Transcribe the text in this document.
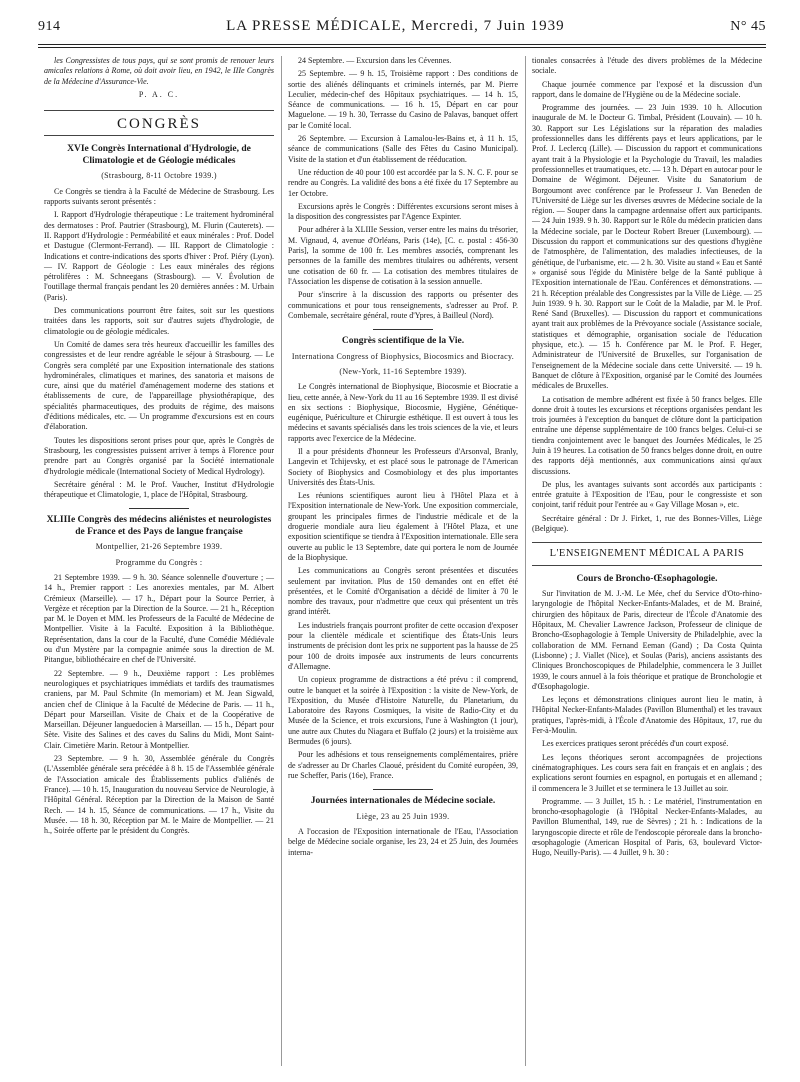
914	LA PRESSE MÉDICALE, Mercredi, 7 Juin 1939	N° 45

les Congressistes de tous pays, qui se sont promis de renouer leurs amicales relations à Rome, où doit avoir lieu, en 1942, le IIIe Congrès de la Médecine d'Assurance-Vie.

P. A. C.
CONGRÈS
XVIe Congrès International d'Hydrologie, de Climatologie et de Géologie médicales
(Strasbourg, 8-11 Octobre 1939.)

Ce Congrès se tiendra à la Faculté de Médecine de Strasbourg. Les rapports suivants seront présentés :

I. Rapport d'Hydrologie thérapeutique : Le traitement hydrominéral des dermatoses : Prof. Pautrier (Strasbourg), M. Flurin (Cauterets). — II. Rapport d'Hydrologie : Perméabilité et eaux minérales : Prof. Dodel et Dastugue (Clermont-Ferrand). — III. Rapport de Climatologie : Indications et contre-indications des sports d'hiver : Prof. Piéry (Lyon). — IV. Rapport de Géologie : Les eaux minérales des régions pétrolifères : M. Schneegans (Strasbourg). — V. Évolution de l'outillage thermal français pendant les 20 dernières années : M. Urbain (Paris).

Des communications pourront être faites, soit sur les questions traitées dans les rapports, soit sur d'autres sujets d'hydrologie, de climatologie ou de géologie médicales.

Un Comité de dames sera très heureux d'accueillir les familles des congressistes et de leur rendre agréable le séjour à Strasbourg. — Le Congrès sera complété par une Exposition internationale des stations hydrominérales, climatiques et marines, des sanatoria et maisons de cure, ainsi que du matériel d'aménagement moderne des stations et établissements de cure, de l'appareillage physiothérapique, des spécialités pharmaceutiques, des produits de régime, des maisons d'éditions médicales, etc. — Un programme d'excursions est en cours d'élaboration.

Toutes les dispositions seront prises pour que, après le Congrès de Strasbourg, les congressistes puissent arriver à temps à Florence pour prendre part au Congrès organisé par la Société internationale d'hydrologie médicale (International Society of Medical Hydrology).

Secrétaire général : M. le Prof. Vaucher, Institut d'Hydrologie thérapeutique et Climatologie, 1, place de l'Hôpital, Strasbourg.

XLIIIe Congrès des médecins aliénistes et neurologistes de France et des Pays de langue française
Montpellier, 21-26 Septembre 1939.
Programme du Congrès :

21 Septembre 1939. — 9 h. 30. Séance solennelle d'ouverture ; — 14 h., Premier rapport : Les anorexies mentales, par M. Albert Crémieux (Marseille). — 17 h., Départ pour la Source Perrier, à Vergèze et réception par la Direction de la Source. — 21 h., Réception par M. le Doyen et MM. les Professeurs de la Faculté de Médecine de Montpellier. Visite à la Faculté. Exposition à la Bibliothèque. Représentation, dans la cour de la Faculté, d'une Comédie Médiévale ou d'un Mystère par la compagnie animée sous la direction de M. Pitangue, bibliothécaire en chef de l'Université.

22 Septembre. — 9 h., Deuxième rapport : Les problèmes neurologiques et psychiatriques immédiats et tardifs des traumatismes craniens, par M. Paul Schmite (In memoriam) et M. Jean Sigwald, ancien chef de Clinique à la Faculté de Médecine de Paris. — 11 h., Départ pour Marseillan. Visite de Chaix et de la Coopérative de Marseillan. Déjeuner languedocien à Marseillan. — 15 h., Départ pour Sète. Visite des Salines et des caves du Salins du Midi, Mont Saint-Clair. Cimetière Marin. Retour à Montpellier.

23 Septembre. — 9 h. 30, Assemblée générale du Congrès (L'Assemblée générale sera précédée à 8 h. 15 de l'Assemblée générale de l'Association amicale des Établissements publics d'aliénés de France). — 10 h. 15, Inauguration du nouveau Service de Neurologie, à l'Hôpital Général. Réception par la Direction de la Maison de Santé Rech. — 14 h. 15, Séance de communications. — 17 h., Visite du Musée. — 18 h. 30, Réception par M. le Maire de Montpellier. — 21 h., Soirée offerte par le président du Congrès.

24 Septembre. — Excursion dans les Cévennes.

25 Septembre. — 9 h. 15, Troisième rapport : Des conditions de sortie des aliénés délinquants et criminels internés, par M. Pierre Leculier, médecin-chef des Hôpitaux psychiatriques. — 14 h. 15, Séance de communications. — 16 h. 15, Départ en car pour Maguelone. — 19 h. 30, Terrasse du Casino de Palavas, banquet offert par le Comité local.

26 Septembre. — Excursion à Lamalou-les-Bains et, à 11 h. 15, séance de communications (Salle des Fêtes du Casino Municipal). Visite de la station et d'un établissement de rééducation.

Une réduction de 40 pour 100 est accordée par la S. N. C. F. pour se rendre au Congrès. La validité des bons a été fixée du 17 Septembre au 1er Octobre.

Excursions après le Congrès : Différentes excursions seront mises à la disposition des congressistes par l'Agence Expinter.

Pour adhérer à la XLIIIe Session, verser entre les mains du trésorier, M. Vignaud, 4, avenue d'Orléans, Paris (14e), [C. c. postal : 456-30 Paris], la somme de 100 fr. Les membres associés, comprenant les personnes de la famille des membres titulaires ou adhérents, versent une cotisation de 60 fr. — La cotisation des membres titulaires de l'Association les dispense de cotisation à la session annuelle.

Pour s'inscrire à la discussion des rapports ou présenter des communications et pour tous renseignements, s'adresser au Prof. P. Combemale, secrétaire général, route d'Ypres, à Bailleul (Nord).

Congrès scientifique de la Vie.
Internationa Congress of Biophysics, Biocosmics and Biocracy.
(New-York, 11-16 Septembre 1939).

Le Congrès international de Biophysique, Biocosmie et Biocratie a lieu, cette année, à New-York du 11 au 16 Septembre 1939. Il est divisé en six sections : Biophysique, Biocosmie, Hygiène, Génétique-eugénique, Puériculture et Chirurgie esthétique. Il est ouvert à tous les médecins et savants spécialisés dans les trois sciences de la vie, et leurs rapports avec l'exercice de la Médecine.

Il a pour présidents d'honneur les Professeurs d'Arsonval, Branly, Langevin et Tchijevsky, et est placé sous le patronage de l'American Society of Biophysics and Cosmobiology et des plus importantes Universités des États-Unis.

Les réunions scientifiques auront lieu à l'Hôtel Plaza et à l'Exposition internationale de New-York. Une exposition commerciale, groupant les principales firmes de l'industrie médicale et de la droguerie mondiale aura lieu également à l'Hôtel Plaza, et une exposition scientifique se tiendra à l'Exposition internationale. Elle sera ouverte au public le 13 Septembre, date qui portera le nom de Journée de la Biophysique.

Les communications au Congrès seront présentées et discutées seulement par invitation. Plus de 150 demandes ont en effet été présentées, et le Comité d'Organisation a décidé de limiter à 70 le nombre des travaux, pour n'admettre que ceux qui présentent un très grand intérêt.

Les industriels français pourront profiter de cette occasion d'exposer pour la clientèle médicale et scientifique des États-Unis leurs instruments de précision dont les prix ne supportent pas la hausse de 25 pour 100 de droits imposée aux instruments de leurs concurrents d'Allemagne.

Un copieux programme de distractions a été prévu : il comprend, outre le banquet et la soirée à l'Exposition : la visite de New-York, de l'Exposition, du Musée d'Histoire Naturelle, du Planetarium, du Laboratoire des Rayons Cosmiques, la visite de Radio-City et du Musée de la Science, et trois excursions, l'une à Washington (1 jour), une autre aux Chutes du Niagara et Buffalo (2 jours) et la troisième aux Bermudes (6 jours).

Pour les adhésions et tous renseignements complémentaires, prière de s'adresser au Dr Charles Claoué, président du Comité européen, 39, rue Scheffer, Paris (16e), France.

Journées internationales de Médecine sociale.
Liège, 23 au 25 Juin 1939.

A l'occasion de l'Exposition internationale de l'Eau, l'Association belge de Médecine sociale organise, les 23, 24 et 25 Juin, des Journées interna-

tionales consacrées à l'étude des divers problèmes de la Médecine sociale.

Chaque journée commence par l'exposé et la discussion d'un rapport, dans le domaine de l'Hygiène ou de la Médecine sociale.

Programme des journées. — 23 Juin 1939. 10 h. Allocution inaugurale de M. le Docteur G. Timbal, Président (Louvain). — 10 h. 30. Rapport sur Les Législations sur la réparation des maladies professionnelles dans les différents pays et leurs applications, par le Prof. J. Leclercq (Lille). — Discussion du rapport et communications ayant trait à la Physiologie et la Psychologie du Travail, les maladies professionnelles et traumatiques, etc. — 13 h. Départ en autocar pour le Domaine de Wégimont. Déjeuner. Visite du Sanatorium de Borgoumont avec conférence par le Professeur J. Van Beneden de l'Université de Liège sur les diverses œuvres de Médecine sociale de la région. — Souper dans la campagne ardennaise offert aux participants. — 24 Juin 1939. 9 h. 30. Rapport sur le Rôle du médecin praticien dans la Médecine sociale, par le Docteur Robert Breuer (Luxembourg). — Discussion du rapport et communications sur des questions d'hygiène de l'atmosphère, de l'alimentation, des maladies infectieuses, de la génétique, de l'urbanisme, etc. — 2 h. 30. Visite au stand « Eau et Santé » organisé sous l'égide du Ministère belge de la Santé publique à l'Exposition internationale de l'Eau. Conférences et démonstrations. — 21 h. Réception préalable des Congressistes par la Ville de Liège. — 25 Juin 1939. 9 h. 30. Rapport sur le Coût de la Maladie, par M. le Prof. René Sand (Bruxelles). — Discussion du rapport et communications ayant trait aux problèmes de la Prévoyance sociale (Assistance sociale, statistiques et démographie, organisation sociale de l'éducation physique, etc.). — 15 h. Conférence par M. le Prof. F. Heger, Administrateur de l'Université de Bruxelles, sur l'organisation de l'enseignement de la Médecine sociale dans cette Université. — 19 h. Banquet de clôture à l'Exposition, organisé par le Comité des Journées médicales de Bruxelles.

La cotisation de membre adhérent est fixée à 50 francs belges. Elle donne droit à toutes les excursions et réceptions organisées pendant les trois journées à l'exception du banquet de clôture dont la participation entraîne une dépense supplémentaire de 100 francs belges. Celui-ci se tiendra conjointement avec le banquet des Journées Médicales, le 25 Juin à 19 heures. La cotisation de 50 francs belges donne droit, en outre des rapports déjà mentionnés, aux communications ainsi qu'aux discussions.

De plus, les avantages suivants sont accordés aux participants : entrée gratuite à l'Exposition de l'Eau, pour le congressiste et son conjoint, tarif réduit pour l'entrée au « Gay Village Mosan », etc.

Secrétaire général : Dr J. Firket, 1, rue des Bonnes-Villes, Liège (Belgique).

L'ENSEIGNEMENT MÉDICAL A PARIS
Cours de Broncho-Œsophagologie.

Sur l'invitation de M. J.-M. Le Mée, chef du Service d'Oto-rhino-laryngologie de l'hôpital Necker-Enfants-Malades, et de M. Brainé, chirurgien des hôpitaux de Paris, directeur de l'École d'Anatomie des Hôpitaux, M. Chevalier Lawrence Jackson, Professeur de clinique de Broncho-Œsophagologie à Temple University de Philadelphie, avec la collaboration de MM. Fernand Eeman (Gand) ; Da Costa Quinta (Lisbonne) ; J. Viallet (Nice), et Soulas (Paris), anciens assistants des Cliniques Bronchoscopiques de Philadelphie, commencera le 3 Juillet 1939, le cours annuel à la fois théorique et pratique de Bronchologie et d'Œsophagologie.

Les leçons et démonstrations cliniques auront lieu le matin, à l'Hôpital Necker-Enfants-Malades (Pavillon Blumenthal) et les travaux pratiques, l'après-midi, à l'École d'Anatomie des Hôpitaux, 17, rue du Fer-à-Moulin.

Les exercices pratiques seront précédés d'un court exposé.

Les leçons théoriques seront accompagnées de projections cinématographiques. Les cours sera fait en français et en anglais ; des explications seront fournies en espagnol, en portugais et en allemand ; il commencera le 3 Juillet et se terminera le 13 Juillet au soir.

Programme. — 3 Juillet, 15 h. : Le matériel, l'instrumentation en broncho-œsophagologie (à l'Hôpital Necker-Enfants-Malades, au Pavillon Blumenthal, 149, rue de Sèvres) ; 21 h. : Indications de la laryngoscopie directe et rôle de l'endoscopie péroreale dans la broncho-œsophagologie (American Hospital of Paris, 63, boulevard Victor-Hugo, Neuilly-Paris). — 4 Juillet, 9 h. 30 :
